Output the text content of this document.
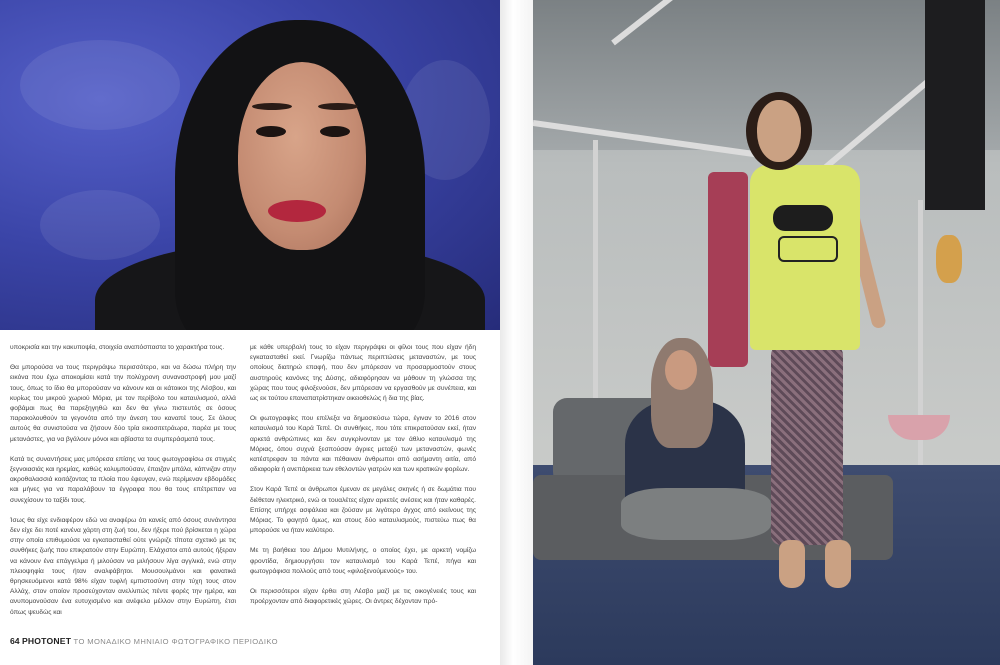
υποκρισία και την κακυποψία, στοιχεία αναπόσπαστα το χαρακτήρα τους.

Θα μπορούσα να τους περιγράψω περισσότερο, και να δώσω πλήρη την εικόνα που έχω αποκομίσει κατά την πολύχρονη συναναστροφή μου μαζί τους, όπως το ίδιο θα μπορούσαν να κάνουν και οι κάτοικοι της Λέσβου, και κυρίως του μικρού χωριού Μόρια, με τον περίβολο του καταυλισμού, αλλά φοβάμαι πως θα παρεξηγηθώ και δεν θα γίνω πιστευτός σε όσους παρακολουθούν τα γεγονότα από την άνεση του καναπέ τους. Σε όλους αυτούς θα συνιστούσα να ζήσουν δύο τρία εικοσιτετράωρα, παρέα με τους μετανάστες, για να βγάλουν μόνοι και αβίαστα τα συμπεράσματά τους.

Κατά τις συναντήσεις μας μπόρεσα επίσης να τους φωτογραφίσω σε στιγμές ξεγνοιασιάς και ηρεμίας, καθώς κολυμπούσαν, έπαιζαν μπάλα, κάπνιζαν στην ακροθαλασσιά κοιτάζοντας τα πλοία που έφευγαν, ενώ περίμεναν εβδομάδες και μήνες για να παραλάβουν τα έγγραφα που θα τους επέτρεπαν να συνεχίσουν το ταξίδι τους.

Ίσως θα είχε ενδιαφέρον εδώ να αναφέρω ότι κανείς από όσους συνάντησα δεν είχε δει ποτέ κανένα χάρτη στη ζωή του, δεν ήξερε πού βρίσκεται η χώρα στην οποία επιθυμούσε να εγκατασταθεί ούτε γνώριζε τίποτα σχετικό με τις συνθήκες ζωής που επικρατούν στην Ευρώπη. Ελάχιστοι από αυτούς ήξεραν να κάνουν ένα επάγγελμα ή μιλούσαν να μιλήσουν λίγα αγγλικά, ενώ στην πλειοψηφία τους ήταν αναλφάβητοι. Μουσουλμάνοι και φανατικά θρησκευόμενοι κατά 98% είχαν τυφλή εμπιστοσύνη στην τύχη τους στον Αλλάχ, στον οποίον προσεύχονταν ανελλιπώς πέντε φορές την ημέρα, και ανυπομονούσαν ένα ευτυχισμένο και ανέφελο μέλλον στην Ευρώπη, έτσι όπως ψευδώς και

με κάθε υπερβολή τους το είχαν περιγράψει οι φίλοι τους που είχαν ήδη εγκατασταθεί εκεί. Γνωρίζω πάντως περιπτώσεις μεταναστών, με τους οποίους διατηρώ επαφή, που δεν μπόρεσαν να προσαρμοστούν στους αυστηρούς κανόνες της Δύσης, αδιαφόρησαν να μάθουν τη γλώσσα της χώρας που τους φιλοξενούσε, δεν μπόρεσαν να εργασθούν με συνέπεια, και ως εκ τούτου επαναπατρίστηκαν οικειοθελώς ή δια της βίας.

Οι φωτογραφίες που επέλεξα να δημοσιεύσω τώρα, έγιναν το 2016 στον καταυλισμό του Καρά Τεπέ. Οι συνθήκες, που τότε επικρατούσαν εκεί, ήταν αρκετά ανθρώπινες και δεν συγκρίνονταν με τον άθλιο καταυλισμό της Μόριας, όπου συχνά ξεσπούσαν άγριες μεταξύ των μεταναστών, φωνές κατέστρεφαν τα πάντα και πέθαιναν άνθρωποι από ασήμαντη αιτία, από αδιαφορία ή ανεπάρκεια των εθελοντών γιατρών και των κρατικών φορέων.

Στον Καρά Τεπέ οι άνθρωποι έμεναν σε μεγάλες σκηνές ή σε δωμάτια που διέθεταν ηλεκτρικό, ενώ οι τουαλέτες είχαν αρκετές ανέσεις και ήταν καθαρές. Επίσης υπήρχε ασφάλεια και ζούσαν με λιγότερο άγχος από εκείνους της Μόριας. Το φαγητό όμως, και στους δύο καταυλισμούς, πιστεύω πως θα μπορούσε να ήταν καλύτερο.

Με τη βοήθεια του Δήμου Μυτιλήνης, ο οποίος έχει, με αρκετή νομίζω φροντίδα, δημιουργήσει τον καταυλισμό του Καρά Τεπέ, πήγα και φωτογράφισα πολλούς από τους «φιλοξενούμενούς» του.

Οι περισσότεροι είχαν έρθει στη Λέσβο μαζί με τις οικογένειές τους και προέρχονταν από διαφορετικές χώρες. Οι άντρες δέχονταν πρό-

64 PHOTONET ΤΟ ΜΟΝΑΔΙΚΟ ΜΗΝΙΑΙΟ ΦΩΤΟΓΡΑΦΙΚΟ ΠΕΡΙΟΔΙΚΟ
